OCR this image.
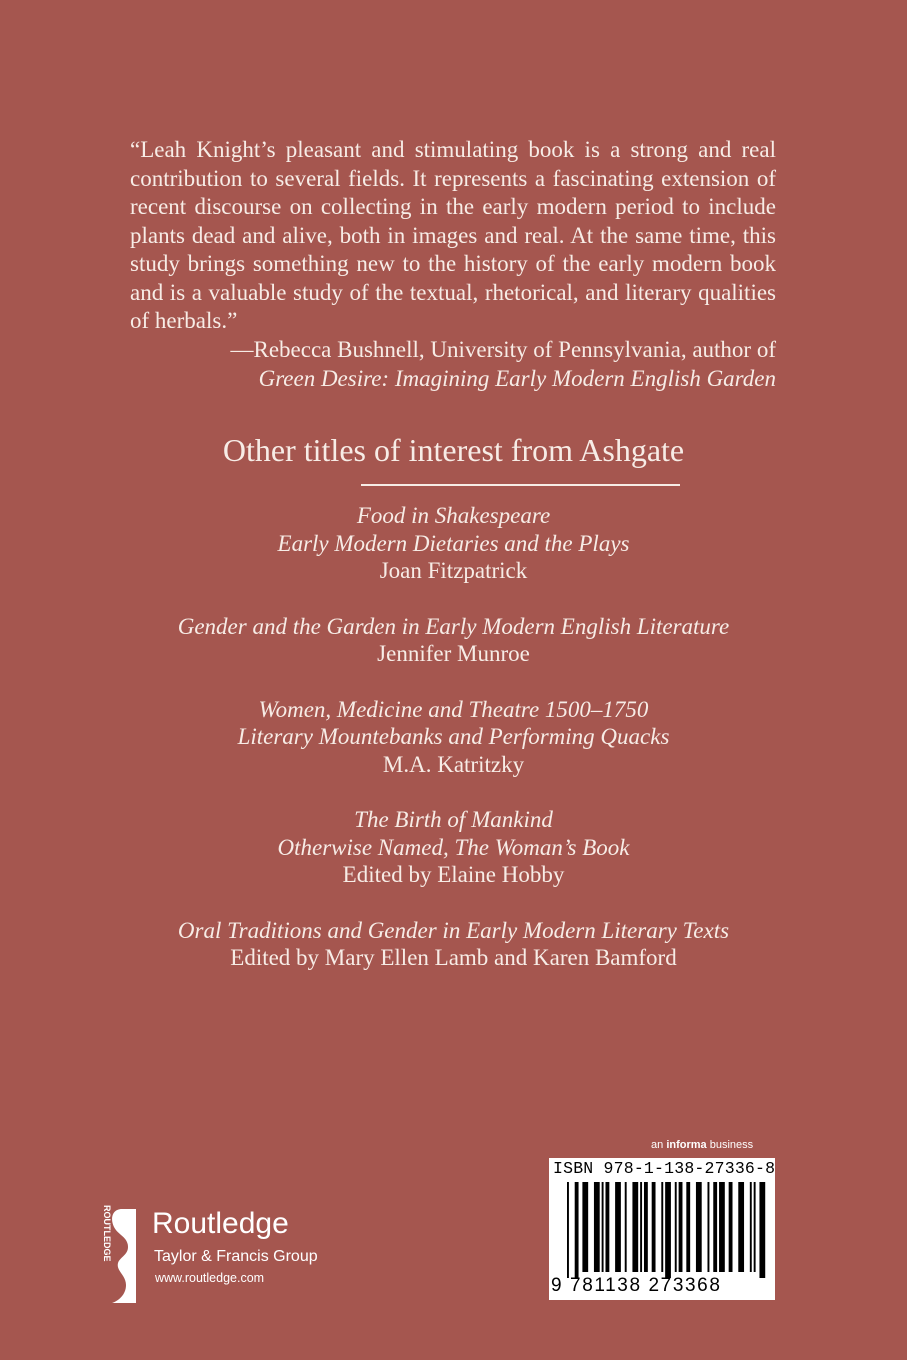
“Leah Knight’s pleasant and stimulating book is a strong and real contribution to several fields. It represents a fascinating extension of recent discourse on collecting in the early modern period to include plants dead and alive, both in images and real. At the same time, this study brings something new to the history of the early modern book and is a valuable study of the textual, rhetorical, and literary qualities of herbals.”
—Rebecca Bushnell, University of Pennsylvania, author of
Green Desire: Imagining Early Modern English Garden
Other titles of interest from Ashgate
Food in Shakespeare
Early Modern Dietaries and the Plays
Joan Fitzpatrick
Gender and the Garden in Early Modern English Literature
Jennifer Munroe
Women, Medicine and Theatre 1500–1750
Literary Mountebanks and Performing Quacks
M.A. Katritzky
The Birth of Mankind
Otherwise Named, The Woman’s Book
Edited by Elaine Hobby
Oral Traditions and Gender in Early Modern Literary Texts
Edited by Mary Ellen Lamb and Karen Bamford
an informa business
ISBN 978-1-138-27336-8
9 781138 273368
ROUTLEDGE Routledge
Taylor & Francis Group
www.routledge.com
